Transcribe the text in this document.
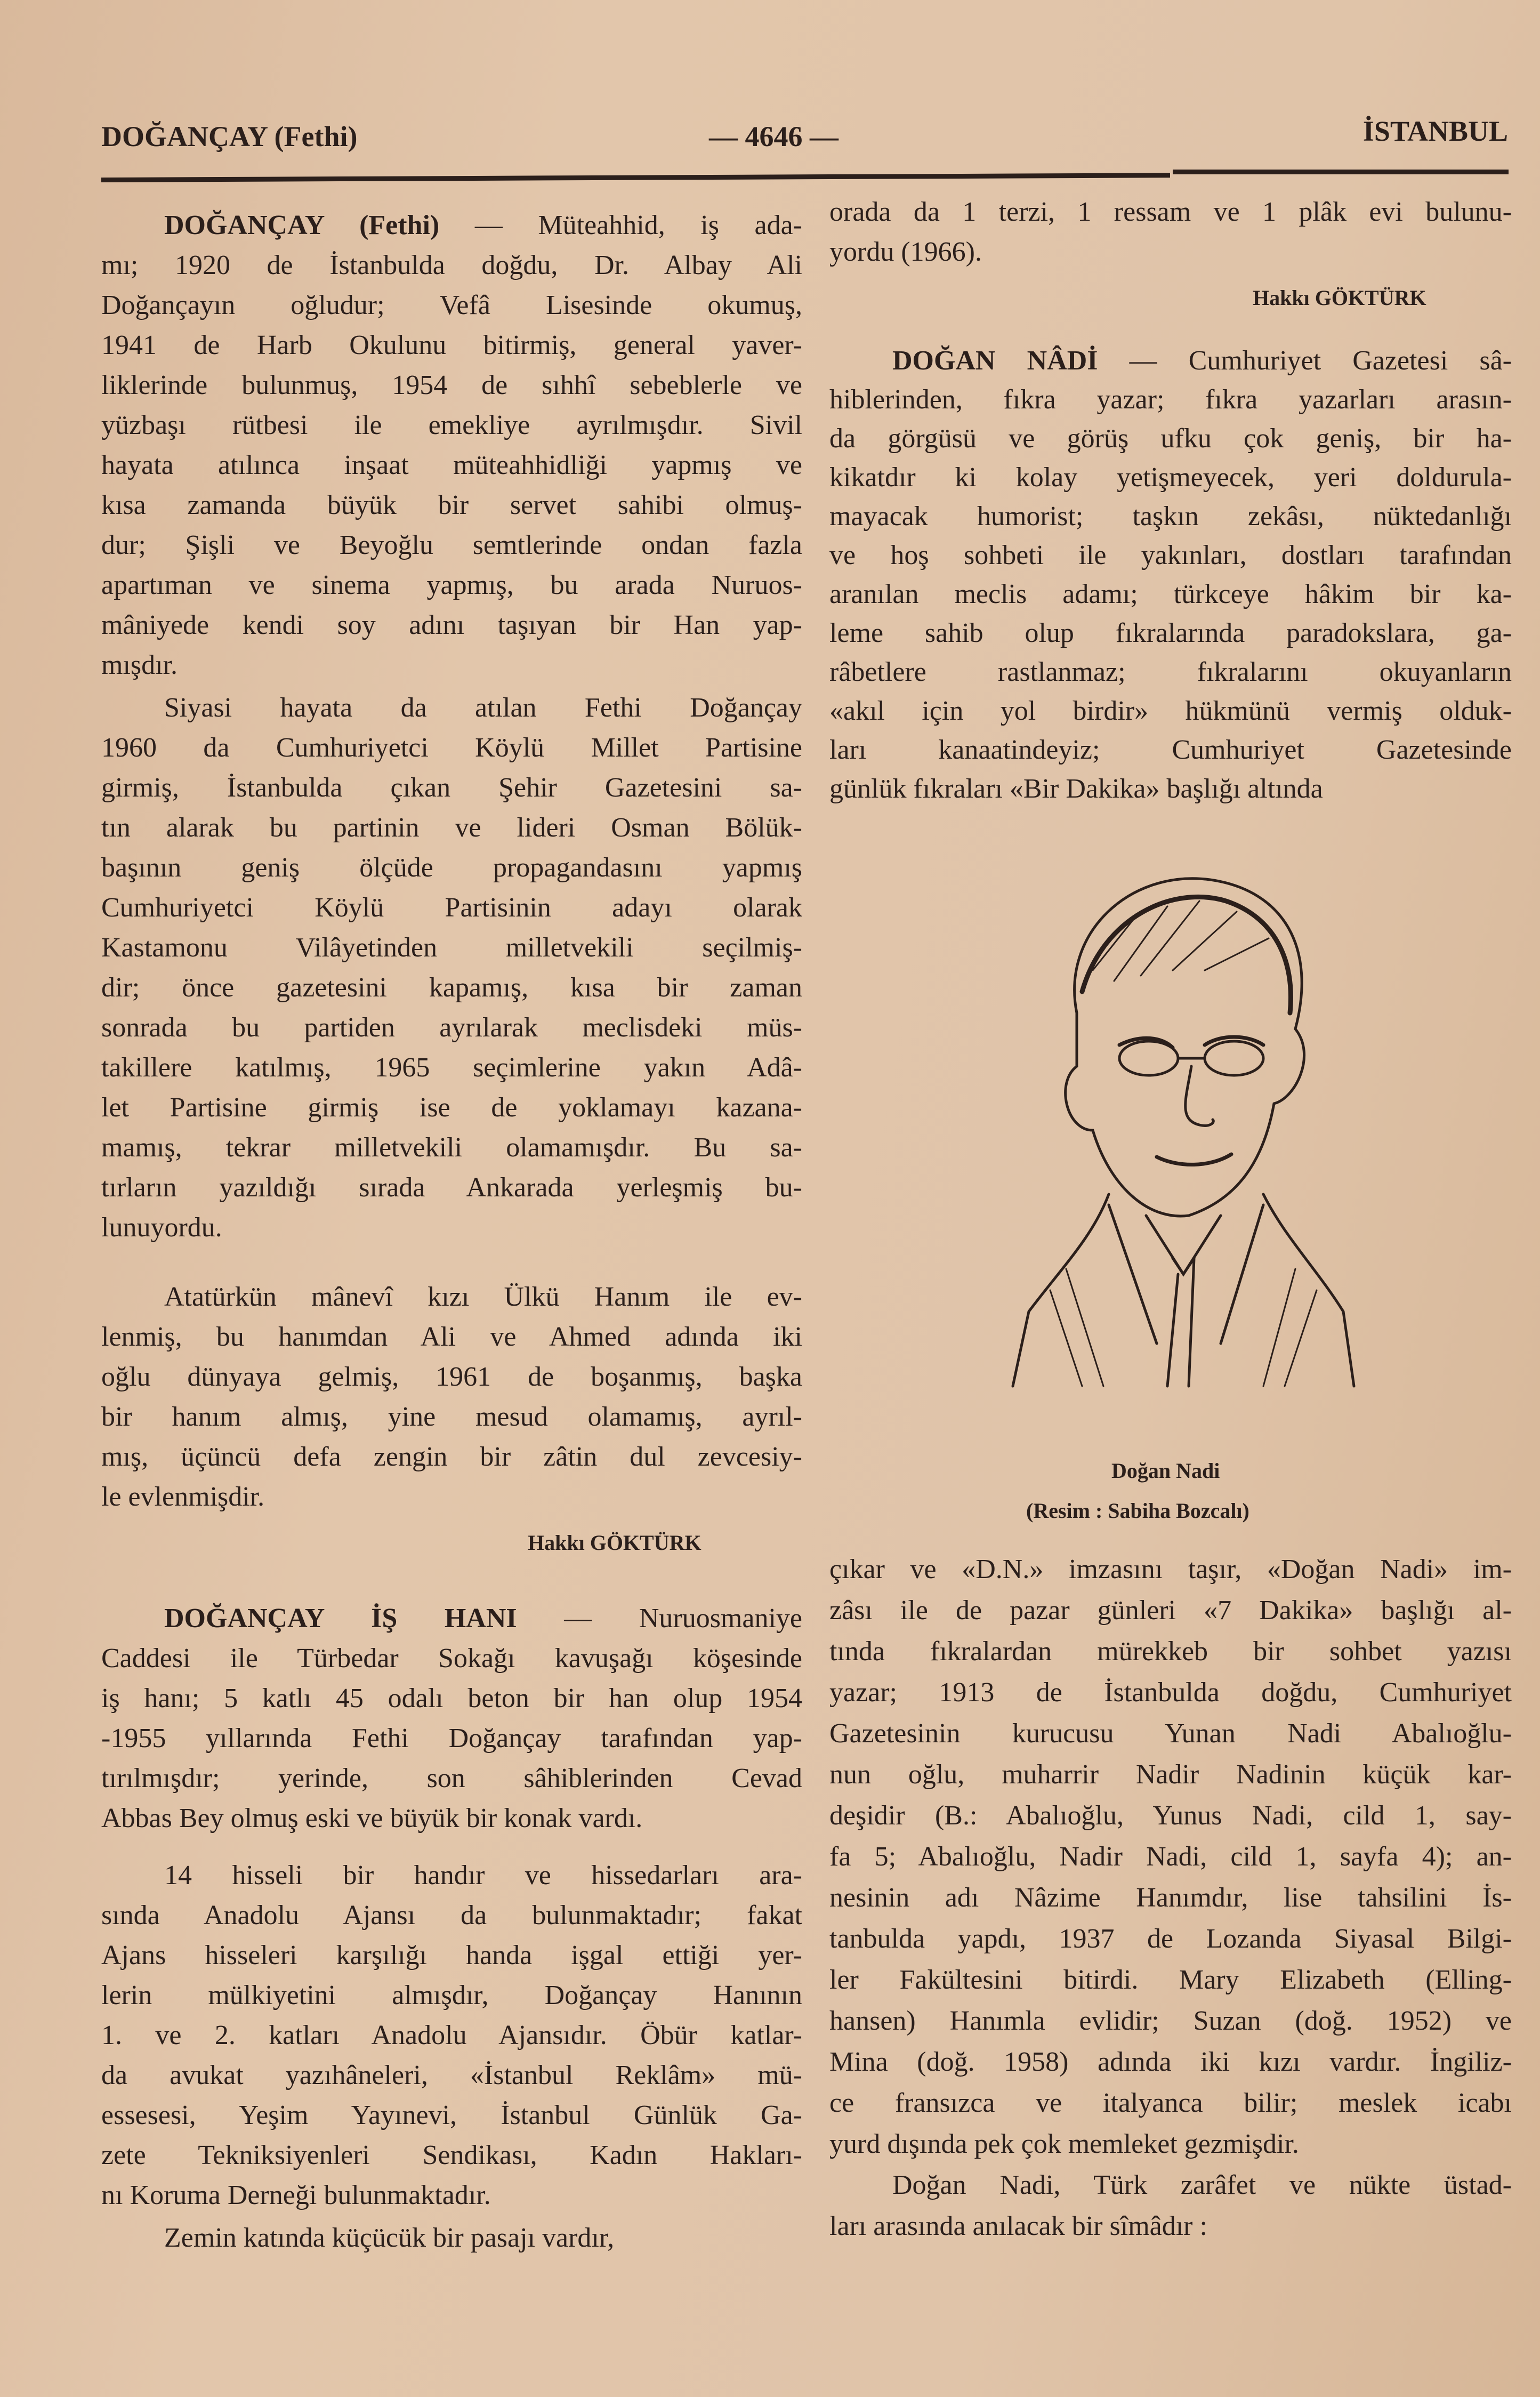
DOĞANÇAY (Fethi)	— 4646 —	İSTANBUL
DOĞANÇAY (Fethi) — Müteahhid, iş ada-
mı; 1920 de İstanbulda doğdu, Dr. Albay Ali
Doğançayın oğludur; Vefâ Lisesinde okumuş,
1941 de Harb Okulunu bitirmiş, general yaver-
liklerinde bulunmuş, 1954 de sıhhî sebeblerle ve
yüzbaşı rütbesi ile emekliye ayrılmışdır. Sivil
hayata atılınca inşaat müteahhidliği yapmış ve
kısa zamanda büyük bir servet sahibi olmuş-
dur; Şişli ve Beyoğlu semtlerinde ondan fazla
apartıman ve sinema yapmış, bu arada Nuruos-
mâniyede kendi soy adını taşıyan bir Han yap-
mışdır.
Siyasi hayata da atılan Fethi Doğançay
1960 da Cumhuriyetci Köylü Millet Partisine
girmiş, İstanbulda çıkan Şehir Gazetesini sa-
tın alarak bu partinin ve lideri Osman Bölük-
başının geniş ölçüde propagandasını yapmış
Cumhuriyetci Köylü Partisinin adayı olarak
Kastamonu Vilâyetinden milletvekili seçilmiş-
dir; önce gazetesini kapamış, kısa bir zaman
sonrada bu partiden ayrılarak meclisdeki müs-
takillere katılmış, 1965 seçimlerine yakın Adâ-
let Partisine girmiş ise de yoklamayı kazana-
mamış, tekrar milletvekili olamamışdır. Bu sa-
tırların yazıldığı sırada Ankarada yerleşmiş bu-
lunuyordu.
Atatürkün mânevî kızı Ülkü Hanım ile ev-
lenmiş, bu hanımdan Ali ve Ahmed adında iki
oğlu dünyaya gelmiş, 1961 de boşanmış, başka
bir hanım almış, yine mesud olamamış, ayrıl-
mış, üçüncü defa zengin bir zâtin dul zevcesiy-
le evlenmişdir.
Hakkı GÖKTÜRK
DOĞANÇAY İŞ HANI — Nuruosmaniye
Caddesi ile Türbedar Sokağı kavuşağı köşesinde
iş hanı; 5 katlı 45 odalı beton bir han olup 1954
-1955 yıllarında Fethi Doğançay tarafından yap-
tırılmışdır; yerinde, son sâhiblerinden Cevad
Abbas Bey olmuş eski ve büyük bir konak vardı.
14 hisseli bir handır ve hissedarları ara-
sında Anadolu Ajansı da bulunmaktadır; fakat
Ajans hisseleri karşılığı handa işgal ettiği yer-
lerin mülkiyetini almışdır, Doğançay Hanının
1. ve 2. katları Anadolu Ajansıdır. Öbür katlar-
da avukat yazıhâneleri, «İstanbul Reklâm» mü-
essesesi, Yeşim Yayınevi, İstanbul Günlük Ga-
zete Tekniksiyenleri Sendikası, Kadın Hakları-
nı Koruma Derneği bulunmaktadır.
Zemin katında küçücük bir pasajı vardır,
orada da 1 terzi, 1 ressam ve 1 plâk evi bulunu-
yordu (1966).
Hakkı GÖKTÜRK
DOĞAN NÂDİ — Cumhuriyet Gazetesi sâ-
hiblerinden, fıkra yazar; fıkra yazarları arasın-
da görgüsü ve görüş ufku çok geniş, bir ha-
kikatdır ki kolay yetişmeyecek, yeri doldurula-
mayacak humorist; taşkın zekâsı, nüktedanlığı
ve hoş sohbeti ile yakınları, dostları tarafından
aranılan meclis adamı; türkceye hâkim bir ka-
leme sahib olup fıkralarında paradokslara, ga-
râbetlere rastlanmaz; fıkralarını okuyanların
«akıl için yol birdir» hükmünü vermiş olduk-
ları kanaatindeyiz; Cumhuriyet Gazetesinde
günlük fıkraları «Bir Dakika» başlığı altında
Doğan Nadi
(Resim : Sabiha Bozcalı)
çıkar ve «D.N.» imzasını taşır, «Doğan Nadi» im-
zâsı ile de pazar günleri «7 Dakika» başlığı al-
tında fıkralardan mürekkeb bir sohbet yazısı
yazar; 1913 de İstanbulda doğdu, Cumhuriyet
Gazetesinin kurucusu Yunan Nadi Abalıoğlu-
nun oğlu, muharrir Nadir Nadinin küçük kar-
deşidir (B.: Abalıoğlu, Yunus Nadi, cild 1, say-
fa 5; Abalıoğlu, Nadir Nadi, cild 1, sayfa 4); an-
nesinin adı Nâzime Hanımdır, lise tahsilini İs-
tanbulda yapdı, 1937 de Lozanda Siyasal Bilgi-
ler Fakültesini bitirdi. Mary Elizabeth (Elling-
hansen) Hanımla evlidir; Suzan (doğ. 1952) ve
Mina (doğ. 1958) adında iki kızı vardır. İngiliz-
ce fransızca ve italyanca bilir; meslek icabı
yurd dışında pek çok memleket gezmişdir.
Doğan Nadi, Türk zarâfet ve nükte üstad-
ları arasında anılacak bir sîmâdır :
